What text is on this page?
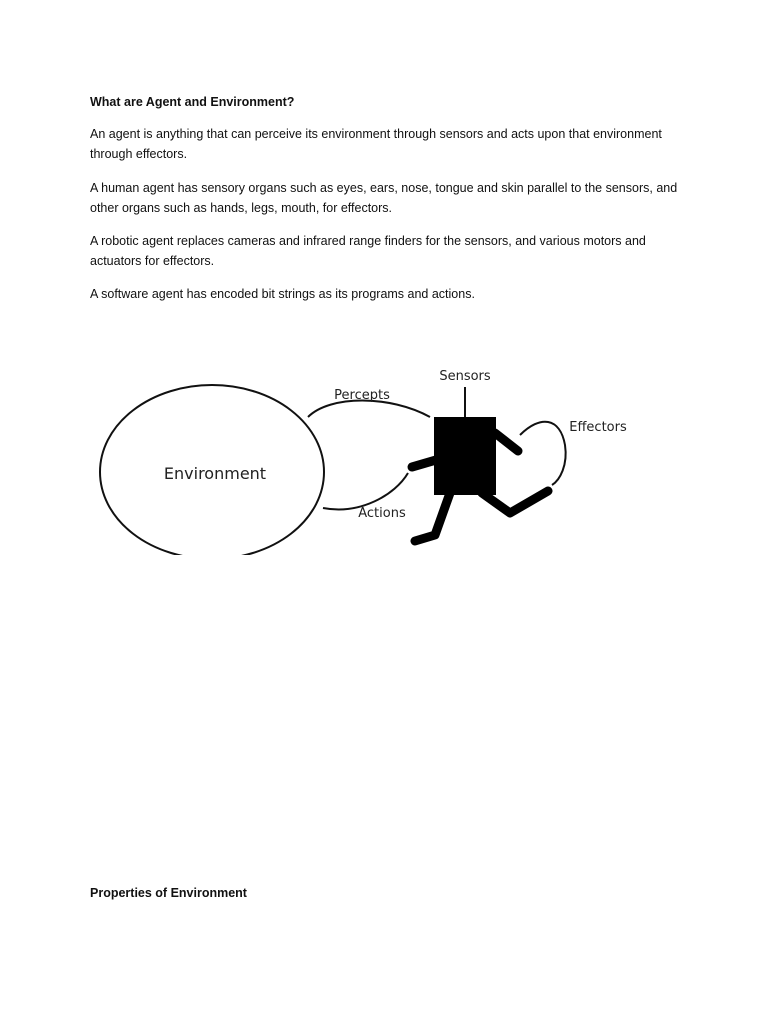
What are Agent and Environment?

An agent is anything that can perceive its environment through sensors and acts upon that environment through effectors.

A human agent has sensory organs such as eyes, ears, nose, tongue and skin parallel to the sensors, and other organs such as hands, legs, mouth, for effectors.

A robotic agent replaces cameras and infrared range finders for the sensors, and various motors and actuators for effectors.

A software agent has encoded bit strings as its programs and actions.

Environment
Percepts
Actions
Sensors
Effectors
Properties of Environment
